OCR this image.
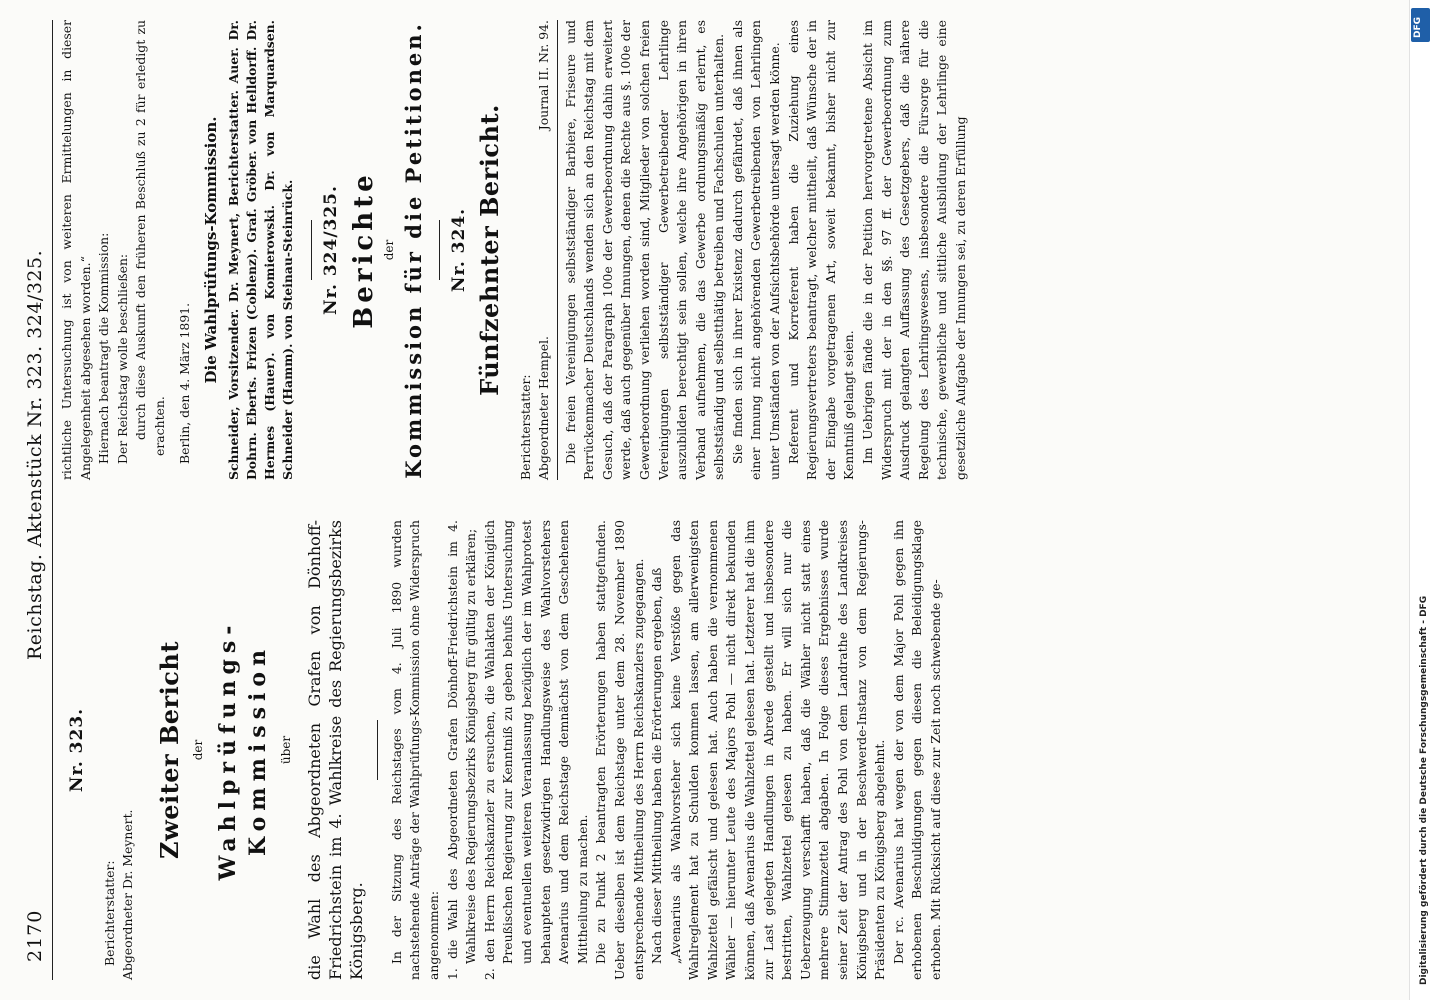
2170
Reichstag. Aktenstück Nr. 323. 324/325.
Nr. 323.
Berichterstatter: Abgeordneter Dr. Meynert.
Zweiter Bericht der Wahlprüfungs-Kommission über die Wahl des Abgeordneten Grafen von Dönhoff-Friedrichstein im 4. Wahlkreise des Regierungsbezirks Königsberg. In der Sitzung des Reichstages vom 4. Juli 1890 wurden nachstehende Anträge der Wahlprüfungs-Kommission ohne Widerspruch angenommen: 1. die Wahl des Abgeordneten Grafen Dönhoff-Friedrichstein im 4. Wahlkreise des Regierungsbezirks Königsberg für gültig zu erklären; 2. den Herrn Reichskanzler zu ersuchen, die Wahlakten der Königlich Preußischen Regierung zur Kenntniß zu geben behufs Untersuchung und eventuellen weiteren Veranlassung bezüglich der im Wahlprotest behaupteten gesetzwidrigen Handlungsweise des Wahlvorstehers Avenarius und dem Reichstage demnächst von dem Geschehenen Mittheilung zu machen. Die zu Punkt 2 beantragten Erörterungen haben stattgefunden. Ueber dieselben ist dem Reichstage unter dem 28. November 1890 entsprechende Mittheilung des Herrn Reichskanzlers zugegangen. Nach dieser Mittheilung haben die Erörterungen ergeben, daß „Avenarius als Wahlvorsteher sich keine Verstöße gegen das Wahlreglement hat zu Schulden kommen lassen, am allerwenigsten Wahlzettel gefälscht und gelesen hat. Auch haben die vernommenen Wähler — hierunter Leute des Majors Pohl — nicht direkt bekunden können, daß Avenarius die Wahlzettel gelesen hat. Letzterer hat die ihm zur Last gelegten Handlungen in Abrede gestellt und insbesondere bestritten, Wahlzettel gelesen zu haben. Er will sich nur die Ueberzeugung verschafft haben, daß die Wähler nicht statt eines mehrere Stimmzettel abgaben. In Folge dieses Ergebnisses wurde seiner Zeit der Antrag des Pohl von dem Landrathe des Landkreises Königsberg und in der Beschwerde-Instanz von dem Regierungs-Präsidenten zu Königsberg abgelehnt. Der rc. Avenarius hat wegen der von dem Major Pohl gegen ihn erhobenen Beschuldigungen gegen diesen die Beleidigungsklage erhoben. Mit Rücksicht auf diese zur Zeit noch schwebende ge-

richtliche Untersuchung ist von weiteren Ermittelungen in dieser Angelegenheit abgesehen worden.“ Hiernach beantragt die Kommission: Der Reichstag wolle beschließen: durch diese Auskunft den früheren Beschluß zu 2 für erledigt zu erachten. Berlin, den 4. März 1891.

Die Wahlprüfungs-Kommission. Schneider, Vorsitzender. Dr. Meynert, Berichterstatter. Auer. Dr. Dohrn. Eberts. Frizen (Coblenz). Graf. Gröber. von Helldorff. Dr. Hermes (Hauer). von Komierowski. Dr. von Marquardsen. Schneider (Hamm). von Steinau-Steinrück. Nr. 324/325. Berichte der Kommission für die Petitionen. Nr. 324. Fünfzehnter Bericht.
Berichterstatter: Abgeordneter Hempel.
Journal II. Nr. 94. Die freien Vereinigungen selbstständiger Barbiere, Friseure und Perrückenmacher Deutschlands wenden sich an den Reichstag mit dem Gesuch, daß der Paragraph 100e der Gewerbeordnung dahin erweitert werde, daß auch gegenüber Innungen, denen die Rechte aus §. 100e der Gewerbeordnung verliehen worden sind, Mitglieder von solchen freien Vereinigungen selbstständiger Gewerbetreibender Lehrlinge auszubilden berechtigt sein sollen, welche ihre Angehörigen in ihren Verband aufnehmen, die das Gewerbe ordnungsmäßig erlernt, es selbstständig und selbstthätig betreiben und Fachschulen unterhalten. Sie finden sich in ihrer Existenz dadurch gefährdet, daß ihnen als einer Innung nicht angehörenden Gewerbetreibenden von Lehrlingen unter Umständen von der Aufsichtsbehörde untersagt werden könne. Referent und Korreferent haben die Zuziehung eines Regierungsvertreters beantragt, welcher mittheilt, daß Wünsche der in der Eingabe vorgetragenen Art, soweit bekannt, bisher nicht zur Kenntniß gelangt seien. Im Uebrigen fände die in der Petition hervorgetretene Absicht im Widerspruch mit der in den §§. 97 ff. der Gewerbeordnung zum Ausdruck gelangten Auffassung des Gesetzgebers, daß die nähere Regelung des Lehrlingswesens, insbesondere die Fürsorge für die technische, gewerbliche und sittliche Ausbildung der Lehrlinge eine gesetzliche Aufgabe der Innungen sei, zu deren Erfüllung

DFG
Digitalisierung gefördert durch die Deutsche Forschungsgemeinschaft - DFG
